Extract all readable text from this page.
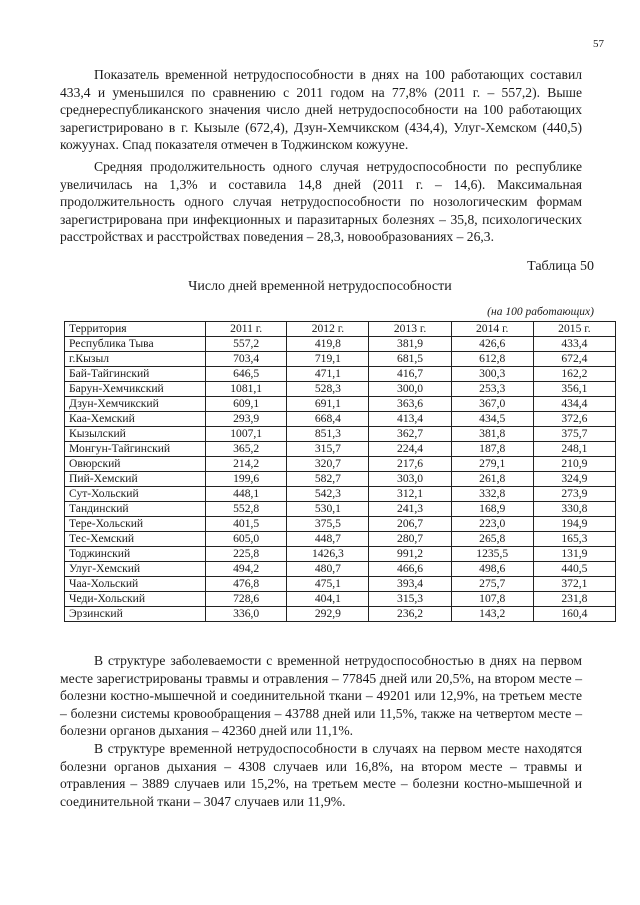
57

Показатель временной нетрудоспособности в днях на 100 работающих составил 433,4 и уменьшился по сравнению с 2011 годом на 77,8% (2011 г. – 557,2). Выше среднереспубликанского значения число дней нетрудоспособности на 100 работающих зарегистрировано в г. Кызыле (672,4), Дзун-Хемчикском (434,4), Улуг-Хемском (440,5) кожуунах. Спад показателя отмечен в Тоджинском кожууне.

Средняя продолжительность одного случая нетрудоспособности по республике увеличилась на 1,3% и составила 14,8 дней (2011 г. – 14,6). Максимальная продолжительность одного случая нетрудоспособности по нозологическим формам зарегистрирована при инфекционных и паразитарных болезнях – 35,8, психологических расстройствах и расстройствах поведения – 28,3, новообразованиях – 26,3.

Таблица 50
Число дней временной нетрудоспособности
(на 100 работающих)
Территория	2011 г.	2012 г.	2013 г.	2014 г.	2015 г.
Республика Тыва	557,2	419,8	381,9	426,6	433,4
г.Кызыл	703,4	719,1	681,5	612,8	672,4
Бай-Тайгинский	646,5	471,1	416,7	300,3	162,2
Барун-Хемчикский	1081,1	528,3	300,0	253,3	356,1
Дзун-Хемчикский	609,1	691,1	363,6	367,0	434,4
Каа-Хемский	293,9	668,4	413,4	434,5	372,6
Кызылский	1007,1	851,3	362,7	381,8	375,7
Монгун-Тайгинский	365,2	315,7	224,4	187,8	248,1
Овюрский	214,2	320,7	217,6	279,1	210,9
Пий-Хемский	199,6	582,7	303,0	261,8	324,9
Сут-Хольский	448,1	542,3	312,1	332,8	273,9
Тандинский	552,8	530,1	241,3	168,9	330,8
Тере-Хольский	401,5	375,5	206,7	223,0	194,9
Тес-Хемский	605,0	448,7	280,7	265,8	165,3
Тоджинский	225,8	1426,3	991,2	1235,5	131,9
Улуг-Хемский	494,2	480,7	466,6	498,6	440,5
Чаа-Хольский	476,8	475,1	393,4	275,7	372,1
Чеди-Хольский	728,6	404,1	315,3	107,8	231,8
Эрзинский	336,0	292,9	236,2	143,2	160,4

В структуре заболеваемости с временной нетрудоспособностью в днях на первом месте зарегистрированы травмы и отравления – 77845 дней или 20,5%, на втором месте – болезни костно-мышечной и соединительной ткани – 49201 или 12,9%, на третьем месте – болезни системы кровообращения – 43788 дней или 11,5%, также на четвертом месте – болезни органов дыхания – 42360 дней или 11,1%.

В структуре временной нетрудоспособности в случаях на первом месте находятся болезни органов дыхания – 4308 случаев или 16,8%, на втором месте – травмы и отравления – 3889 случаев или 15,2%, на третьем месте – болезни костно-мышечной и соединительной ткани – 3047 случаев или 11,9%.
